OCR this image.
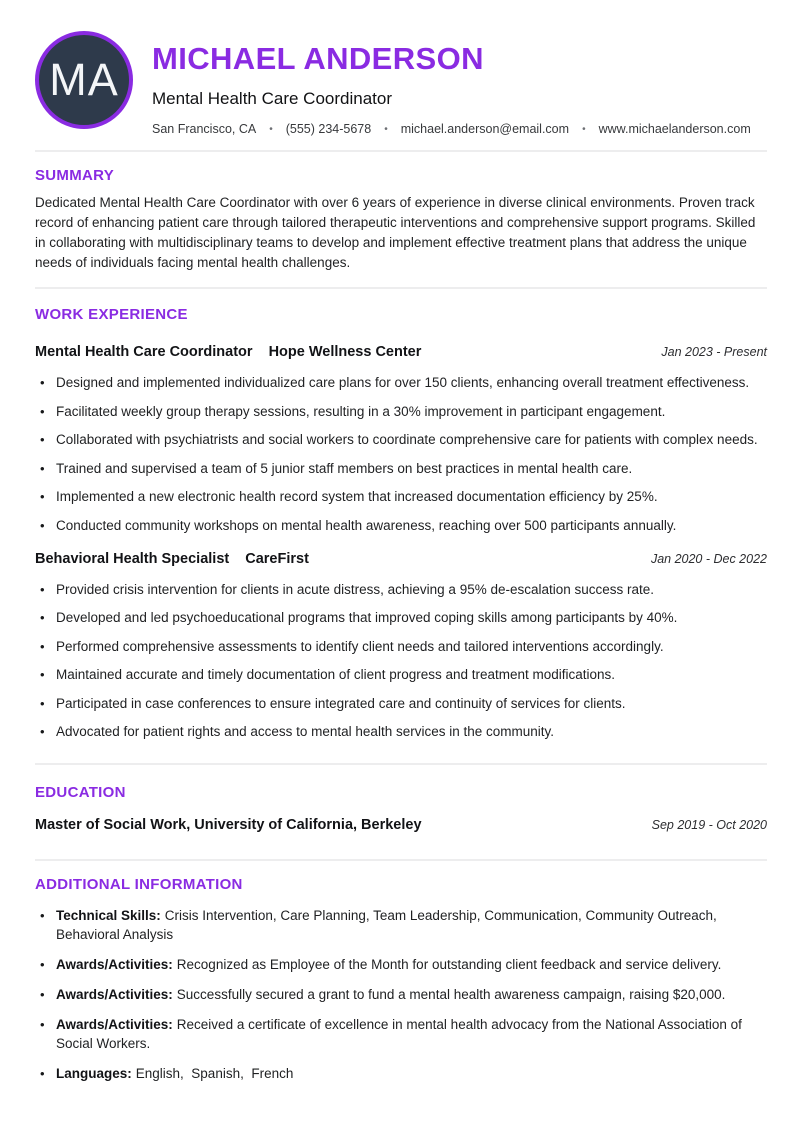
MA MICHAEL ANDERSON
Mental Health Care Coordinator
San Francisco, CA • (555) 234-5678 • michael.anderson@email.com • www.michaelanderson.com
SUMMARY

Dedicated Mental Health Care Coordinator with over 6 years of experience in diverse clinical environments. Proven track record of enhancing patient care through tailored therapeutic interventions and comprehensive support programs. Skilled in collaborating with multidisciplinary teams to develop and implement effective treatment plans that address the unique needs of individuals facing mental health challenges.

WORK EXPERIENCE
Mental Health Care Coordinator Hope Wellness Center	Jan 2023 - Present
• Designed and implemented individualized care plans for over 150 clients, enhancing overall treatment effectiveness.
• Facilitated weekly group therapy sessions, resulting in a 30% improvement in participant engagement.
• Collaborated with psychiatrists and social workers to coordinate comprehensive care for patients with complex needs.
• Trained and supervised a team of 5 junior staff members on best practices in mental health care.
• Implemented a new electronic health record system that increased documentation efficiency by 25%.
• Conducted community workshops on mental health awareness, reaching over 500 participants annually.
Behavioral Health Specialist CareFirst	Jan 2020 - Dec 2022
• Provided crisis intervention for clients in acute distress, achieving a 95% de-escalation success rate.
• Developed and led psychoeducational programs that improved coping skills among participants by 40%.
• Performed comprehensive assessments to identify client needs and tailored interventions accordingly.
• Maintained accurate and timely documentation of client progress and treatment modifications.
• Participated in case conferences to ensure integrated care and continuity of services for clients.
• Advocated for patient rights and access to mental health services in the community.
EDUCATION
Master of Social Work, University of California, Berkeley	Sep 2019 - Oct 2020
ADDITIONAL INFORMATION
• Technical Skills: Crisis Intervention, Care Planning, Team Leadership, Communication, Community Outreach, Behavioral Analysis
• Awards/Activities: Recognized as Employee of the Month for outstanding client feedback and service delivery.
• Awards/Activities: Successfully secured a grant to fund a mental health awareness campaign, raising $20,000.
• Awards/Activities: Received a certificate of excellence in mental health advocacy from the National Association of Social Workers.
• Languages: English,  Spanish,  French
